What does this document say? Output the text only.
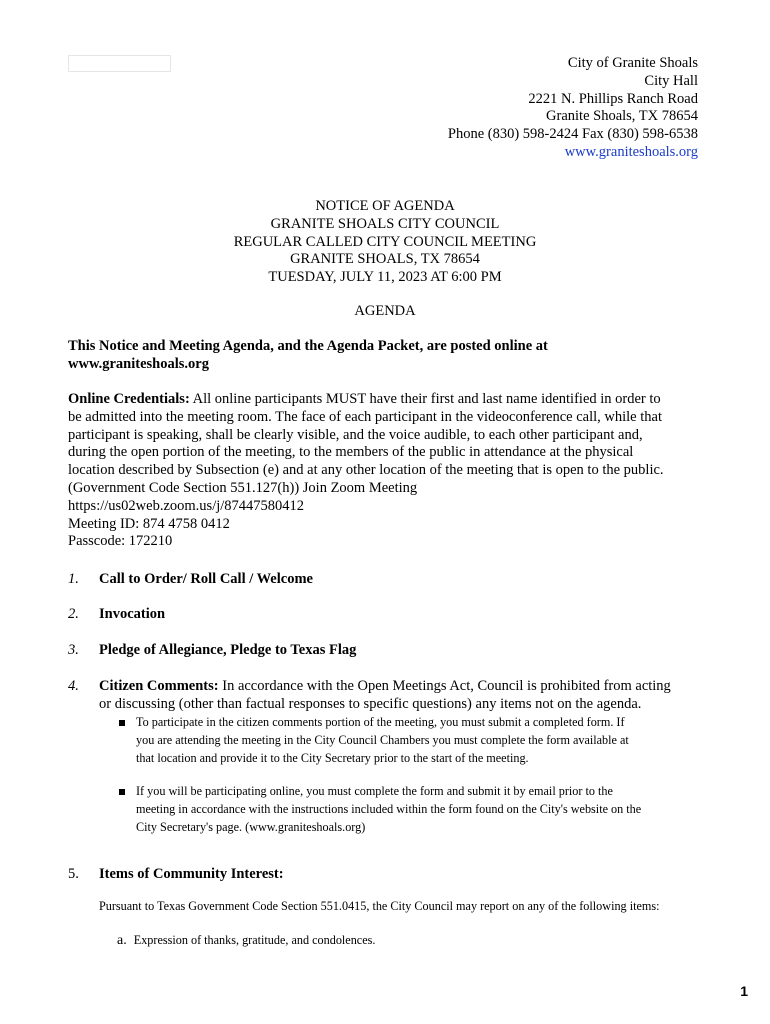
City of Granite Shoals
City Hall
2221 N. Phillips Ranch Road
Granite Shoals, TX 78654
Phone (830) 598-2424 Fax (830) 598-6538
www.graniteshoals.org
NOTICE OF AGENDA
GRANITE SHOALS CITY COUNCIL
REGULAR CALLED CITY COUNCIL MEETING
GRANITE SHOALS, TX 78654
TUESDAY, JULY 11, 2023 AT 6:00 PM
AGENDA
This Notice and Meeting Agenda, and the Agenda Packet, are posted online at
www.graniteshoals.org
Online Credentials: All online participants MUST have their first and last name identified in order to
be admitted into the meeting room. The face of each participant in the videoconference call, while that
participant is speaking, shall be clearly visible, and the voice audible, to each other participant and,
during the open portion of the meeting, to the members of the public in attendance at the physical
location described by Subsection (e) and at any other location of the meeting that is open to the public.
(Government Code Section 551.127(h)) Join Zoom Meeting
https://us02web.zoom.us/j/87447580412
Meeting ID: 874 4758 0412
Passcode: 172210
1. Call to Order/ Roll Call / Welcome
2. Invocation
3. Pledge of Allegiance, Pledge to Texas Flag
4. Citizen Comments: In accordance with the Open Meetings Act, Council is prohibited from acting
or discussing (other than factual responses to specific questions) any items not on the agenda.
To participate in the citizen comments portion of the meeting, you must submit a completed form. If
you are attending the meeting in the City Council Chambers you must complete the form available at
that location and provide it to the City Secretary prior to the start of the meeting.
If you will be participating online, you must complete the form and submit it by email prior to the
meeting in accordance with the instructions included within the form found on the City's website on the
City Secretary's page. (www.graniteshoals.org)
5. Items of Community Interest:
Pursuant to Texas Government Code Section 551.0415, the City Council may report on any of the following items:
a. Expression of thanks, gratitude, and condolences.
1
